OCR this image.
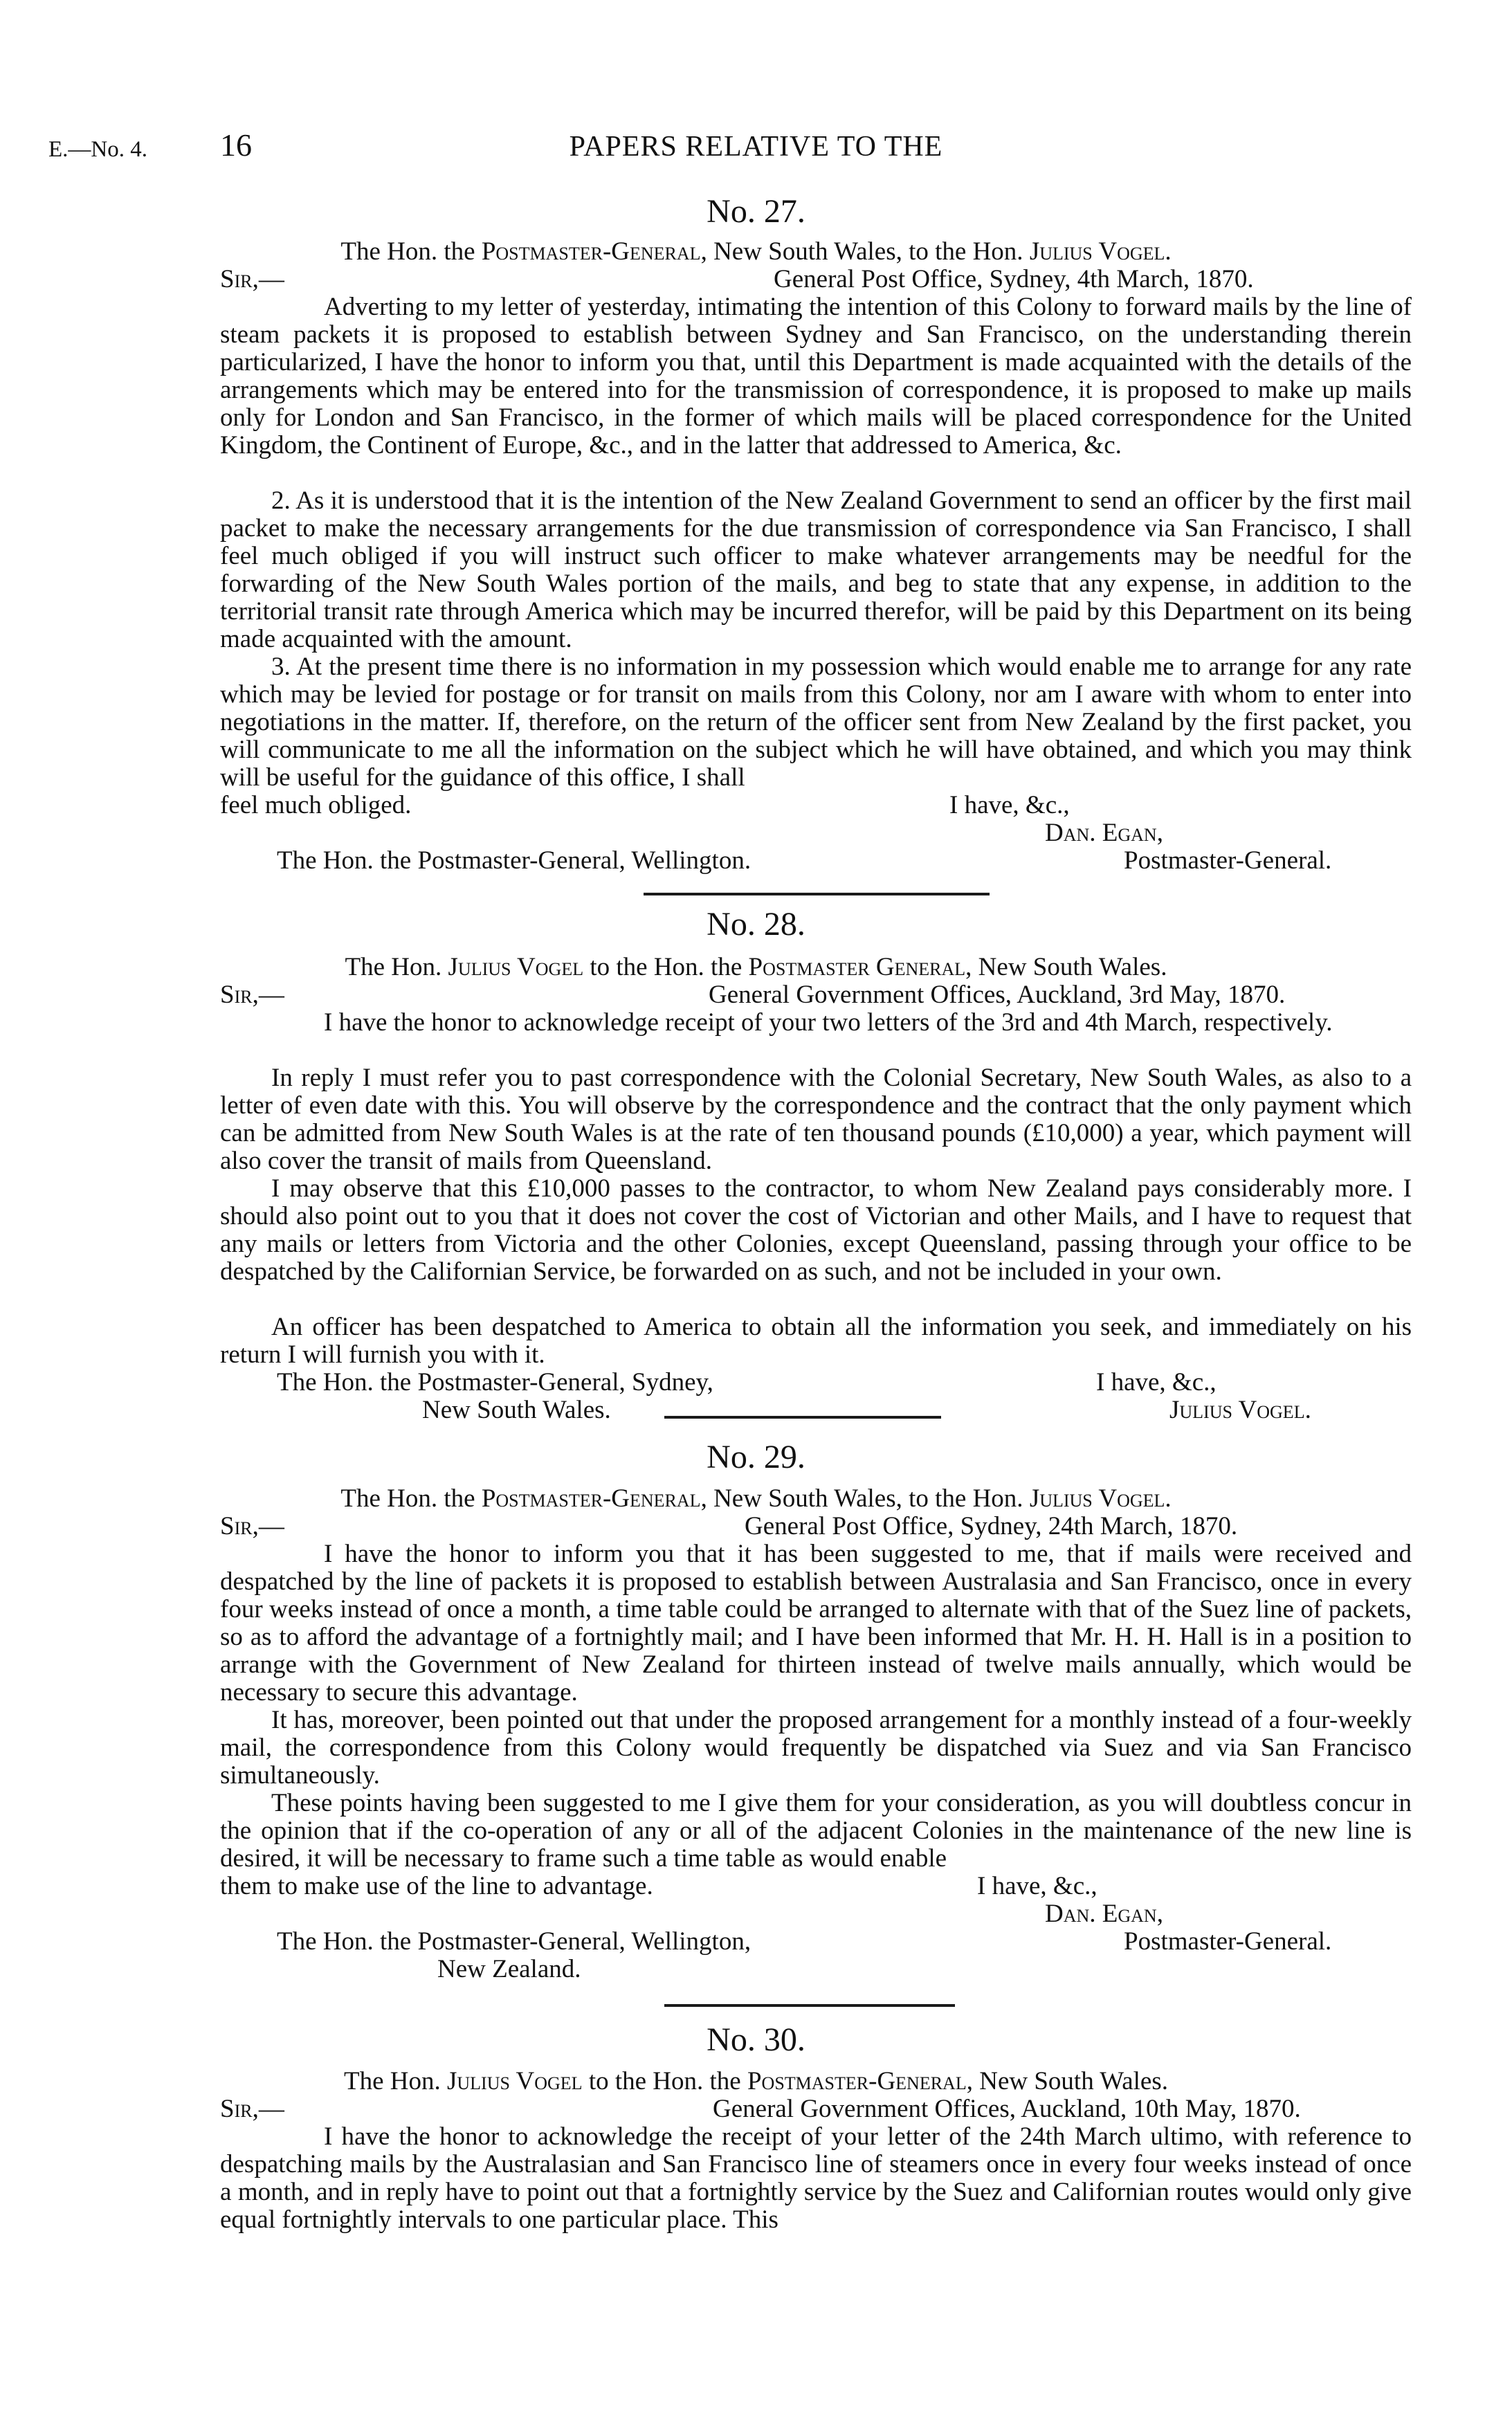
E.—No. 4. 16	PAPERS RELATIVE TO THE
No. 27.
The Hon. the Postmaster-General, New South Wales, to the Hon. Julius Vogel.
Sir,—	General Post Office, Sydney, 4th March, 1870.
Adverting to my letter of yesterday, intimating the intention of this Colony to forward mails by the line of steam packets it is proposed to establish between Sydney and San Francisco, on the understanding therein particularized, I have the honor to inform you that, until this Department is made acquainted with the details of the arrangements which may be entered into for the transmission of correspondence, it is proposed to make up mails only for London and San Francisco, in the former of which mails will be placed correspondence for the United Kingdom, the Continent of Europe, &c., and in the latter that addressed to America, &c.
2. As it is understood that it is the intention of the New Zealand Government to send an officer by the first mail packet to make the necessary arrangements for the due transmission of correspondence via San Francisco, I shall feel much obliged if you will instruct such officer to make whatever arrangements may be needful for the forwarding of the New South Wales portion of the mails, and beg to state that any expense, in addition to the territorial transit rate through America which may be incurred therefor, will be paid by this Department on its being made acquainted with the amount.
3. At the present time there is no information in my possession which would enable me to arrange for any rate which may be levied for postage or for transit on mails from this Colony, nor am I aware with whom to enter into negotiations in the matter. If, therefore, on the return of the officer sent from New Zealand by the first packet, you will communicate to me all the information on the subject which he will have obtained, and which you may think will be useful for the guidance of this office, I shall
feel much obliged.	I have, &c.,
Dan. Egan,
The Hon. the Postmaster-General, Wellington.	Postmaster-General.
No. 28.
The Hon. Julius Vogel to the Hon. the Postmaster General, New South Wales.
Sir,—	General Government Offices, Auckland, 3rd May, 1870.
I have the honor to acknowledge receipt of your two letters of the 3rd and 4th March, respectively.
In reply I must refer you to past correspondence with the Colonial Secretary, New South Wales, as also to a letter of even date with this. You will observe by the correspondence and the contract that the only payment which can be admitted from New South Wales is at the rate of ten thousand pounds (£10,000) a year, which payment will also cover the transit of mails from Queensland.
I may observe that this £10,000 passes to the contractor, to whom New Zealand pays considerably more. I should also point out to you that it does not cover the cost of Victorian and other Mails, and I have to request that any mails or letters from Victoria and the other Colonies, except Queensland, passing through your office to be despatched by the Californian Service, be forwarded on as such, and not be included in your own.
An officer has been despatched to America to obtain all the information you seek, and immediately on his return I will furnish you with it.
The Hon. the Postmaster-General, Sydney,	I have, &c.,
New South Wales.	Julius Vogel.
No. 29.
The Hon. the Postmaster-General, New South Wales, to the Hon. Julius Vogel.
Sir,—	General Post Office, Sydney, 24th March, 1870.
I have the honor to inform you that it has been suggested to me, that if mails were received and despatched by the line of packets it is proposed to establish between Australasia and San Francisco, once in every four weeks instead of once a month, a time table could be arranged to alternate with that of the Suez line of packets, so as to afford the advantage of a fortnightly mail; and I have been informed that Mr. H. H. Hall is in a position to arrange with the Government of New Zealand for thirteen instead of twelve mails annually, which would be necessary to secure this advantage.
It has, moreover, been pointed out that under the proposed arrangement for a monthly instead of a four-weekly mail, the correspondence from this Colony would frequently be dispatched via Suez and via San Francisco simultaneously.
These points having been suggested to me I give them for your consideration, as you will doubtless concur in the opinion that if the co-operation of any or all of the adjacent Colonies in the maintenance of the new line is desired, it will be necessary to frame such a time table as would enable
them to make use of the line to advantage.	I have, &c.,
Dan. Egan,
The Hon. the Postmaster-General, Wellington,	Postmaster-General.
New Zealand.
No. 30.
The Hon. Julius Vogel to the Hon. the Postmaster-General, New South Wales.
Sir,—	General Government Offices, Auckland, 10th May, 1870.
I have the honor to acknowledge the receipt of your letter of the 24th March ultimo, with reference to despatching mails by the Australasian and San Francisco line of steamers once in every four weeks instead of once a month, and in reply have to point out that a fortnightly service by the Suez and Californian routes would only give equal fortnightly intervals to one particular place. This
